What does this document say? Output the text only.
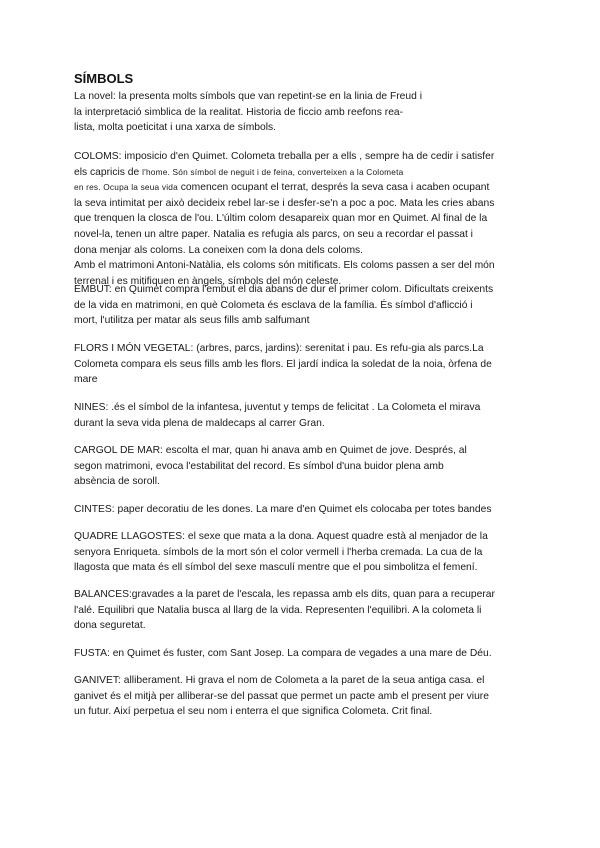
SÍMBOLS
La novel: la presenta molts símbols que van repetint-se en la linia de Freud i
la interpretació simblica de la realitat. Historia de ficcio amb reefons rea-
lista, molta poeticitat i una xarxa de símbols.
COLOMS: imposicio d'en Quimet. Colometa treballa per a ells , sempre ha de cedir i satisfer
els capricis de l'home. Són símbol de neguit i de feina, converteixen a la Colometa
en res. Ocupa la seua vida comencen ocupant el terrat, després la seva casa i acaben ocupant
la seva intimitat per això decideix rebel lar-se i desfer-se'n a poc a poc. Mata les cries abans
que trenquen la closca de l'ou. L'últim colom desapareix quan mor en Quimet. Al final de la
novel-la, tenen un altre paper. Natalia es refugia als parcs, on seu a recordar el passat i
dona menjar als coloms. La coneixen com la dona dels coloms.
Amb el matrimoni Antoni-Natàlia, els coloms són mitificats. Els coloms passen a ser del món
terrenal i es mitifiquen en àngels, símbols del món celeste.
EMBUT: en Quimet compra l'embut el dia abans de dur el primer colom. Dificultats creixents
de la vida en matrimoni, en què Colometa és esclava de la família. És símbol d'aflicció i
mort, l'utilitza per matar als seus fills amb salfumant
FLORS I MÓN VEGETAL: (arbres, parcs, jardins): serenitat i pau. Es refu-gia als parcs.La
Colometa compara els seus fills amb les flors. El jardí indica la soledat de la noia, òrfena de
mare
NINES: .és el símbol de la infantesa, juventut y temps de felicitat . La Colometa el mirava
durant la seva vida plena de maldecaps al carrer Gran.
CARGOL DE MAR: escolta el mar, quan hi anava amb en Quimet de jove. Després, al
segon matrimoni, evoca l'estabilitat del record. Es símbol d'una buidor plena amb
absència de soroll.
CINTES: paper decoratiu de les dones. La mare d'en Quimet els colocaba per totes bandes
QUADRE LLAGOSTES: el sexe que mata a la dona. Aquest quadre està al menjador de la
senyora Enriqueta. símbols de la mort són el color vermell i l'herba cremada. La cua de la
llagosta que mata és ell símbol del sexe masculí mentre que el pou simbolitza el femení.
BALANCES:gravades a la paret de l'escala, les repassa amb els dits, quan para a recuperar
l'alé. Equilibri que Natalia busca al llarg de la vida. Representen l'equilibri. A la colometa li
dona seguretat.
FUSTA: en Quimet és fuster, com Sant Josep. La compara de vegades a una mare de Déu.
GANIVET: alliberament. Hi grava el nom de Colometa a la paret de la seua antiga casa. el
ganivet és el mitjà per alliberar-se del passat que permet un pacte amb el present per viure
un futur. Així perpetua el seu nom i enterra el que significa Colometa. Crit final.
